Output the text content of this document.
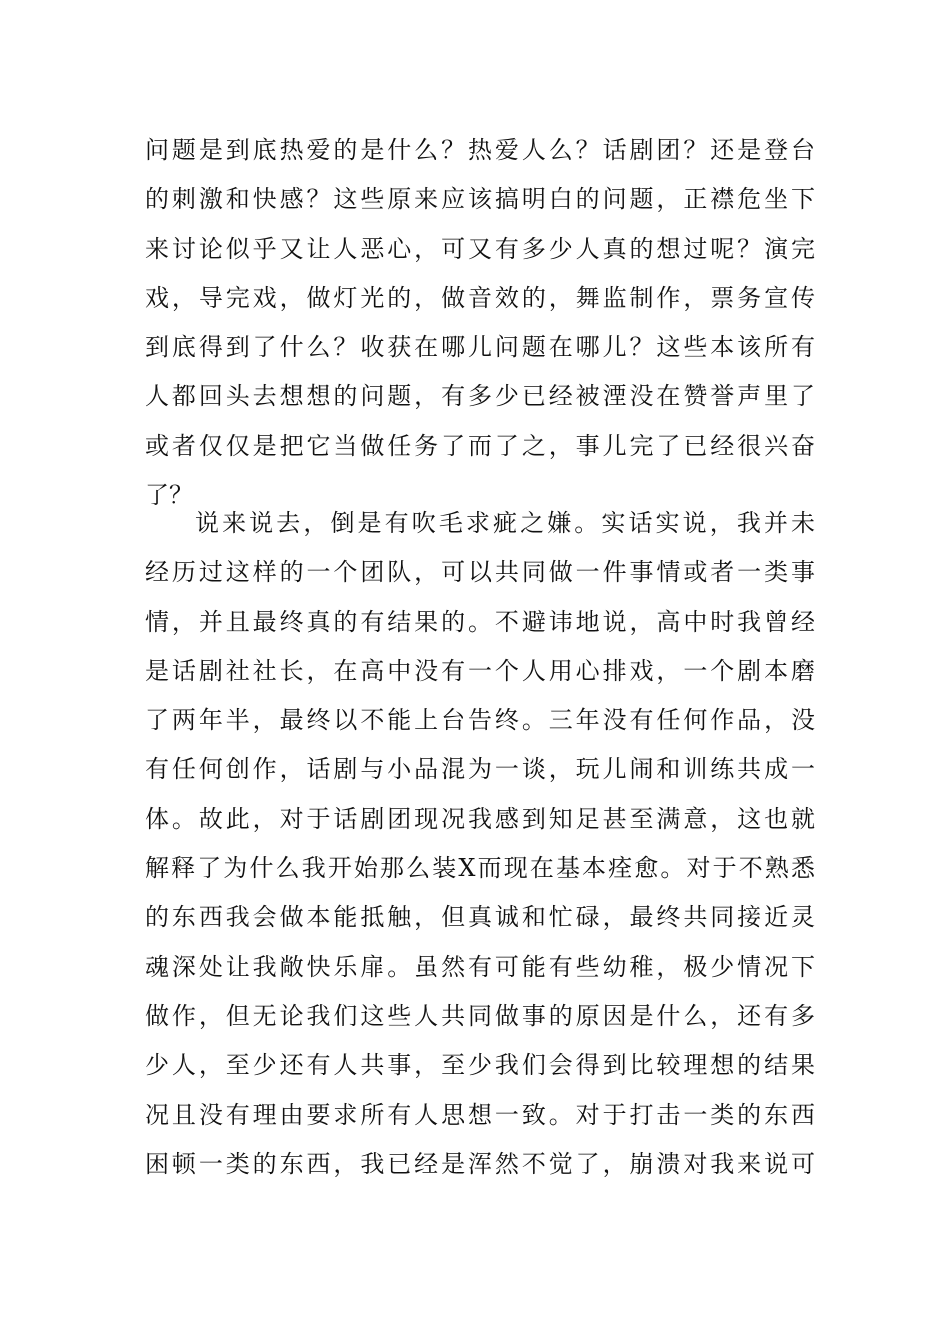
问题是到底热爱的是什么？热爱人么？话剧团？还是登台
的刺激和快感？这些原来应该搞明白的问题，正襟危坐下
来讨论似乎又让人恶心，可又有多少人真的想过呢？演完
戏，导完戏，做灯光的，做音效的，舞监制作，票务宣传
到底得到了什么？收获在哪儿问题在哪儿？这些本该所有
人都回头去想想的问题，有多少已经被湮没在赞誉声里了
或者仅仅是把它当做任务了而了之，事儿完了已经很兴奋
了？
说来说去，倒是有吹毛求疵之嫌。实话实说，我并未
经历过这样的一个团队，可以共同做一件事情或者一类事
情，并且最终真的有结果的。不避讳地说，高中时我曾经
是话剧社社长，在高中没有一个人用心排戏，一个剧本磨
了两年半，最终以不能上台告终。三年没有任何作品，没
有任何创作，话剧与小品混为一谈，玩儿闹和训练共成一
体。故此，对于话剧团现况我感到知足甚至满意，这也就
解释了为什么我开始那么装X而现在基本痊愈。对于不熟悉
的东西我会做本能抵触，但真诚和忙碌，最终共同接近灵
魂深处让我敞快乐扉。虽然有可能有些幼稚，极少情况下
做作，但无论我们这些人共同做事的原因是什么，还有多
少人，至少还有人共事，至少我们会得到比较理想的结果
况且没有理由要求所有人思想一致。对于打击一类的东西
困顿一类的东西，我已经是浑然不觉了，崩溃对我来说可
